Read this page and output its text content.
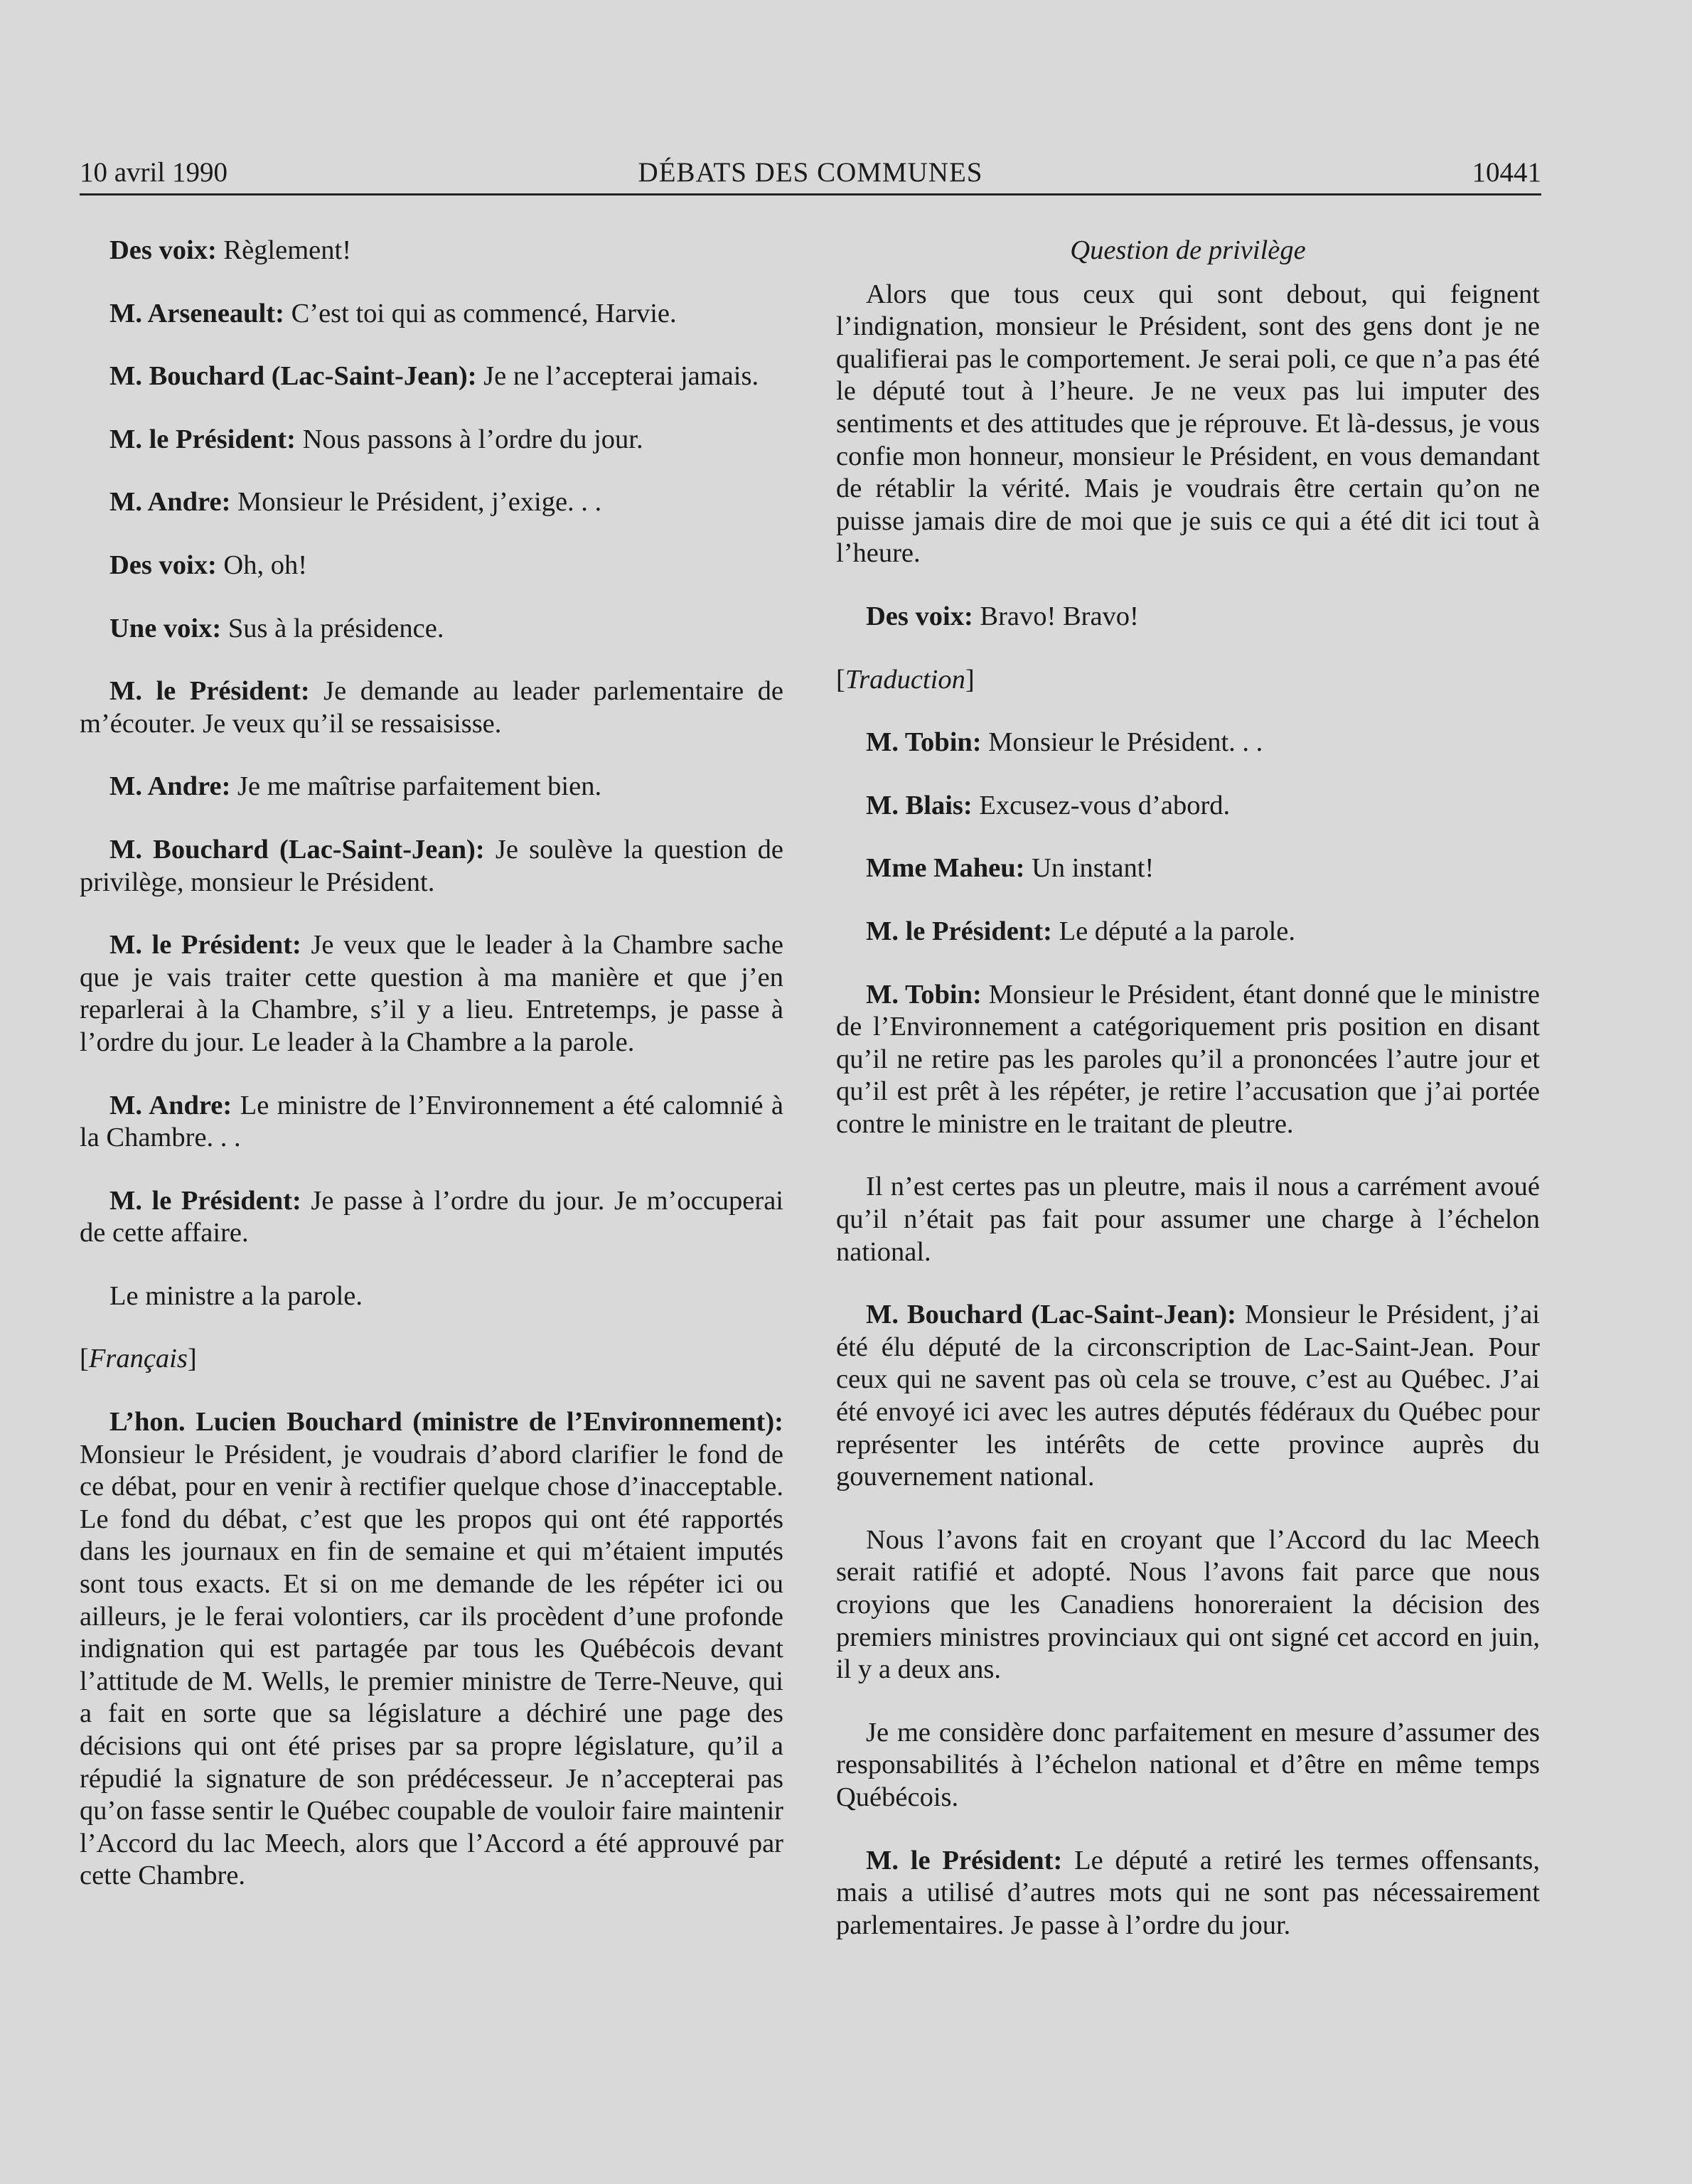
10 avril 1990	DÉBATS DES COMMUNES	10441

Des voix: Règlement!

M. Arseneault: C’est toi qui as commencé, Harvie.

M. Bouchard (Lac-Saint-Jean): Je ne l’accepterai jamais.

M. le Président: Nous passons à l’ordre du jour.

M. Andre: Monsieur le Président, j’exige. . .

Des voix: Oh, oh!

Une voix: Sus à la présidence.

M. le Président: Je demande au leader parlementaire de m’écouter. Je veux qu’il se ressaisisse.

M. Andre: Je me maîtrise parfaitement bien.

M. Bouchard (Lac-Saint-Jean): Je soulève la question de privilège, monsieur le Président.

M. le Président: Je veux que le leader à la Chambre sache que je vais traiter cette question à ma manière et que j’en reparlerai à la Chambre, s’il y a lieu. Entretemps, je passe à l’ordre du jour. Le leader à la Chambre a la parole.

M. Andre: Le ministre de l’Environnement a été calomnié à la Chambre. . .

M. le Président: Je passe à l’ordre du jour. Je m’occuperai de cette affaire.

Le ministre a la parole.

[Français]

L’hon. Lucien Bouchard (ministre de l’Environnement): Monsieur le Président, je voudrais d’abord clarifier le fond de ce débat, pour en venir à rectifier quelque chose d’inacceptable. Le fond du débat, c’est que les propos qui ont été rapportés dans les journaux en fin de semaine et qui m’étaient imputés sont tous exacts. Et si on me demande de les répéter ici ou ailleurs, je le ferai volontiers, car ils procèdent d’une profonde indignation qui est partagée par tous les Québécois devant l’attitude de M. Wells, le premier ministre de Terre-Neuve, qui a fait en sorte que sa législature a déchiré une page des décisions qui ont été prises par sa propre législature, qu’il a répudié la signature de son prédécesseur. Je n’accepterai pas qu’on fasse sentir le Québec coupable de vouloir faire maintenir l’Accord du lac Meech, alors que l’Accord a été approuvé par cette Chambre.

Question de privilège

Alors que tous ceux qui sont debout, qui feignent l’indignation, monsieur le Président, sont des gens dont je ne qualifierai pas le comportement. Je serai poli, ce que n’a pas été le député tout à l’heure. Je ne veux pas lui imputer des sentiments et des attitudes que je réprouve. Et là-dessus, je vous confie mon honneur, monsieur le Président, en vous demandant de rétablir la vérité. Mais je voudrais être certain qu’on ne puisse jamais dire de moi que je suis ce qui a été dit ici tout à l’heure.

Des voix: Bravo! Bravo!

[Traduction]

M. Tobin: Monsieur le Président. . .

M. Blais: Excusez-vous d’abord.

Mme Maheu: Un instant!

M. le Président: Le député a la parole.

M. Tobin: Monsieur le Président, étant donné que le ministre de l’Environnement a catégoriquement pris position en disant qu’il ne retire pas les paroles qu’il a prononcées l’autre jour et qu’il est prêt à les répéter, je retire l’accusation que j’ai portée contre le ministre en le traitant de pleutre.

Il n’est certes pas un pleutre, mais il nous a carrément avoué qu’il n’était pas fait pour assumer une charge à l’échelon national.

M. Bouchard (Lac-Saint-Jean): Monsieur le Président, j’ai été élu député de la circonscription de Lac-Saint-Jean. Pour ceux qui ne savent pas où cela se trouve, c’est au Québec. J’ai été envoyé ici avec les autres députés fédéraux du Québec pour représenter les intérêts de cette province auprès du gouvernement national.

Nous l’avons fait en croyant que l’Accord du lac Meech serait ratifié et adopté. Nous l’avons fait parce que nous croyions que les Canadiens honoreraient la décision des premiers ministres provinciaux qui ont signé cet accord en juin, il y a deux ans.

Je me considère donc parfaitement en mesure d’assumer des responsabilités à l’échelon national et d’être en même temps Québécois.

M. le Président: Le député a retiré les termes offensants, mais a utilisé d’autres mots qui ne sont pas nécessairement parlementaires. Je passe à l’ordre du jour.
